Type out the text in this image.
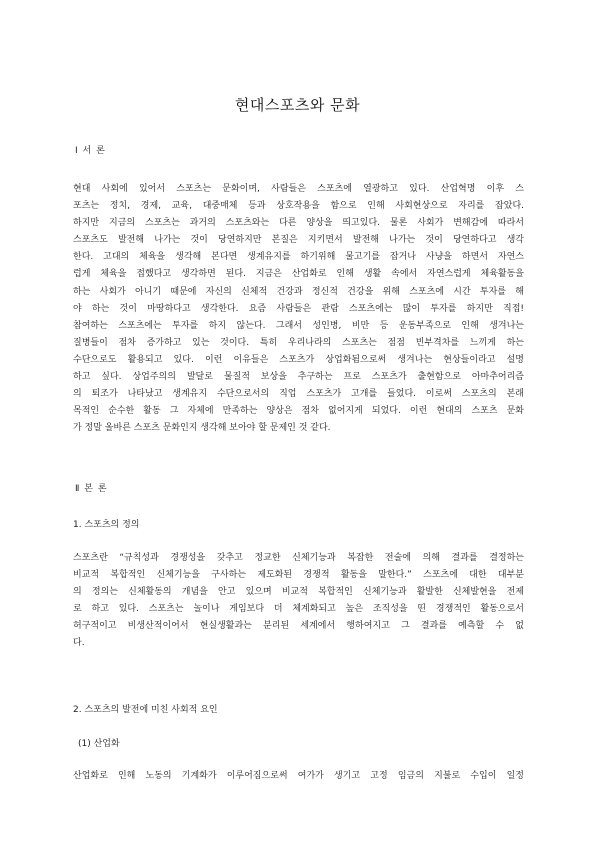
현대스포츠와 문화
Ⅰ 서 론
현대 사회에 있어서 스포츠는 문화이며, 사람들은 스포츠에 열광하고 있다. 산업혁명 이후 스
포츠는 정치, 경제, 교육, 대중매체 등과 상호작용을 함으로 인해 사회현상으로 자리를 잡았다.
하지만 지금의 스포츠는 과거의 스포츠와는 다른 양상을 띄고있다. 물론 사회가 변해감에 따라서
스포츠도 발전해 나가는 것이 당연하지만 본질은 지키면서 발전해 나가는 것이 당연하다고 생각
한다. 고대의 체육을 생각해 본다면 생계유지를 하기위해 물고기를 잡거나 사냥을 하면서 자연스
럽게 체육을 접했다고 생각하면 된다. 지금은 산업화로 인해 생활 속에서 자연스럽게 체육활동을
하는 사회가 아니기 때문에 자신의 신체적 건강과 정신적 건강을 위해 스포츠에 시간 투자를 해
야 하는 것이 마땅하다고 생각한다. 요즘 사람들은 관람 스포츠에는 많이 투자를 하지만 직접!
참여하는 스포츠에는 투자를 하지 않는다. 그래서 성인병, 비만 등 운동부족으로 인해 생겨나는
질병들이 점차 증가하고 있는 것이다. 특히 우리나라의 스포츠는 점점 빈부격차를 느끼게 하는
수단으로도 활용되고 있다. 이런 이유들은 스포츠가 상업화됨으로써 생겨나는 현상들이라고 설명
하고 싶다. 상업주의의 발달로 물질적 보상을 추구하는 프로 스포츠가 출현함으로 아마추어리즘
의 퇴조가 나타났고 생계유지 수단으로서의 직업 스포츠가 고개를 들었다. 이로써 스포츠의 본래
목적인 순수한 활동 그 자체에 만족하는 양상은 점차 없어지게 되었다. 이런 현대의 스포츠 문화
가 정말 올바른 스포츠 문화인지 생각해 보아야 할 문제인 것 같다.
Ⅱ 본 론
1. 스포츠의 정의
스포츠란 “규칙성과 경쟁성을 갖추고 정교한 신체기능과 복잡한 전술에 의해 결과를 결정하는
비교적 복합적인 신체기능을 구사하는 제도화된 경쟁적 활동을 말한다.” 스포츠에 대한 대부분
의 정의는 신체활동의 개념을 안고 있으며 비교적 복합적인 신체기능과 활발한 신체발현을 전제
로 하고 있다. 스포츠는 놀이나 게임보다 더 체계화되고 높은 조직성을 띤 경쟁적인 활동으로서
허구적이고 비생산적이어서 현실생활과는 분리된 세계에서 행하여지고 그 결과를 예측할 수 없
다.
2. 스포츠의 발전에 미친 사회적 요인
(1) 산업화
산업화로 인해 노동의 기계화가 이루어짐으로써 여가가 생기고 고정 임금의 지불로 수입이 일정
